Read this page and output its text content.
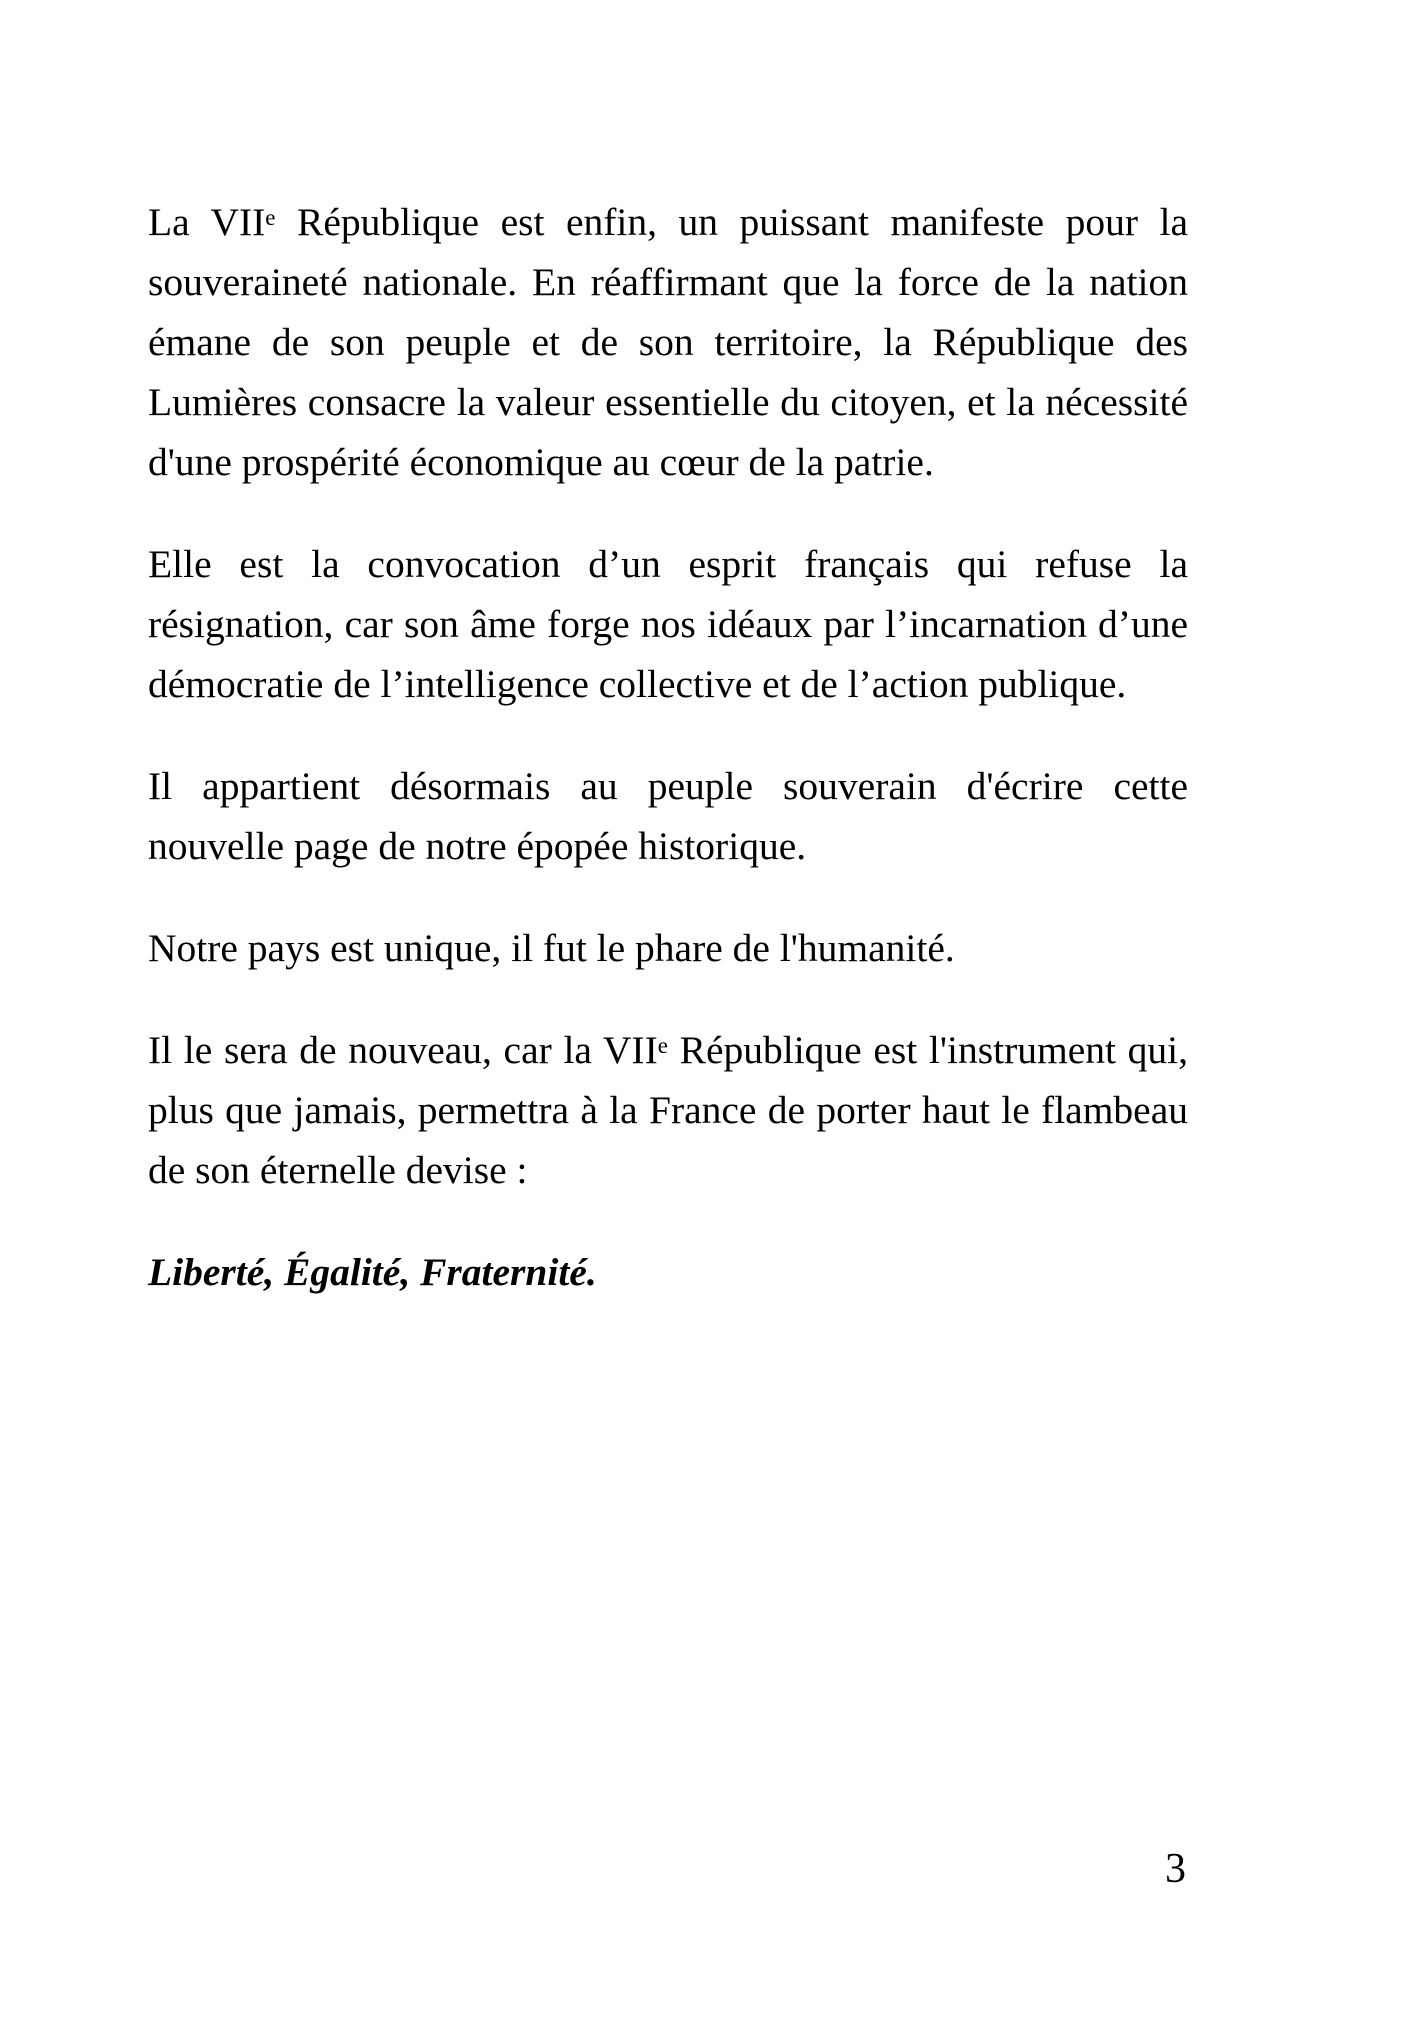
La VIIe République est enfin, un puissant manifeste pour la souveraineté nationale. En réaffirmant que la force de la nation émane de son peuple et de son territoire, la République des Lumières consacre la valeur essentielle du citoyen, et la nécessité d'une prospérité économique au cœur de la patrie.

Elle est la convocation d’un esprit français qui refuse la résignation, car son âme forge nos idéaux par l’incarnation d’une démocratie de l’intelligence collective et de l’action publique.

Il appartient désormais au peuple souverain d'écrire cette nouvelle page de notre épopée historique.

Notre pays est unique, il fut le phare de l'humanité.

Il le sera de nouveau, car la VIIe République est l'instrument qui, plus que jamais, permettra à la France de porter haut le flambeau de son éternelle devise :

Liberté, Égalité, Fraternité.

3
